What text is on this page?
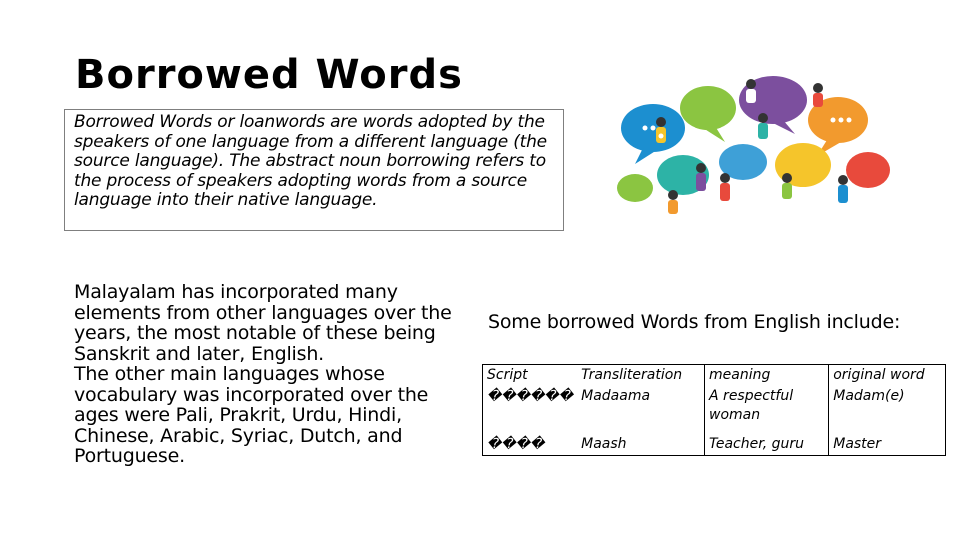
Borrowed Words
Borrowed Words or loanwords are words adopted by the speakers of one language from a different language (the source language). The abstract noun borrowing refers to the process of speakers adopting words from a source language into their native language.

Malayalam has incorporated many elements from other languages over the years, the most notable of these being Sanskrit and later, English.

The other main languages whose vocabulary was incorporated over the ages were Pali, Prakrit, Urdu, Hindi, Chinese, Arabic, Syriac, Dutch, and Portuguese.

Some borrowed Words from English include:
Script	Transliteration	meaning	original word
������	Madaama	A respectful woman	Madam(e)
����	Maash	Teacher, guru	Master
